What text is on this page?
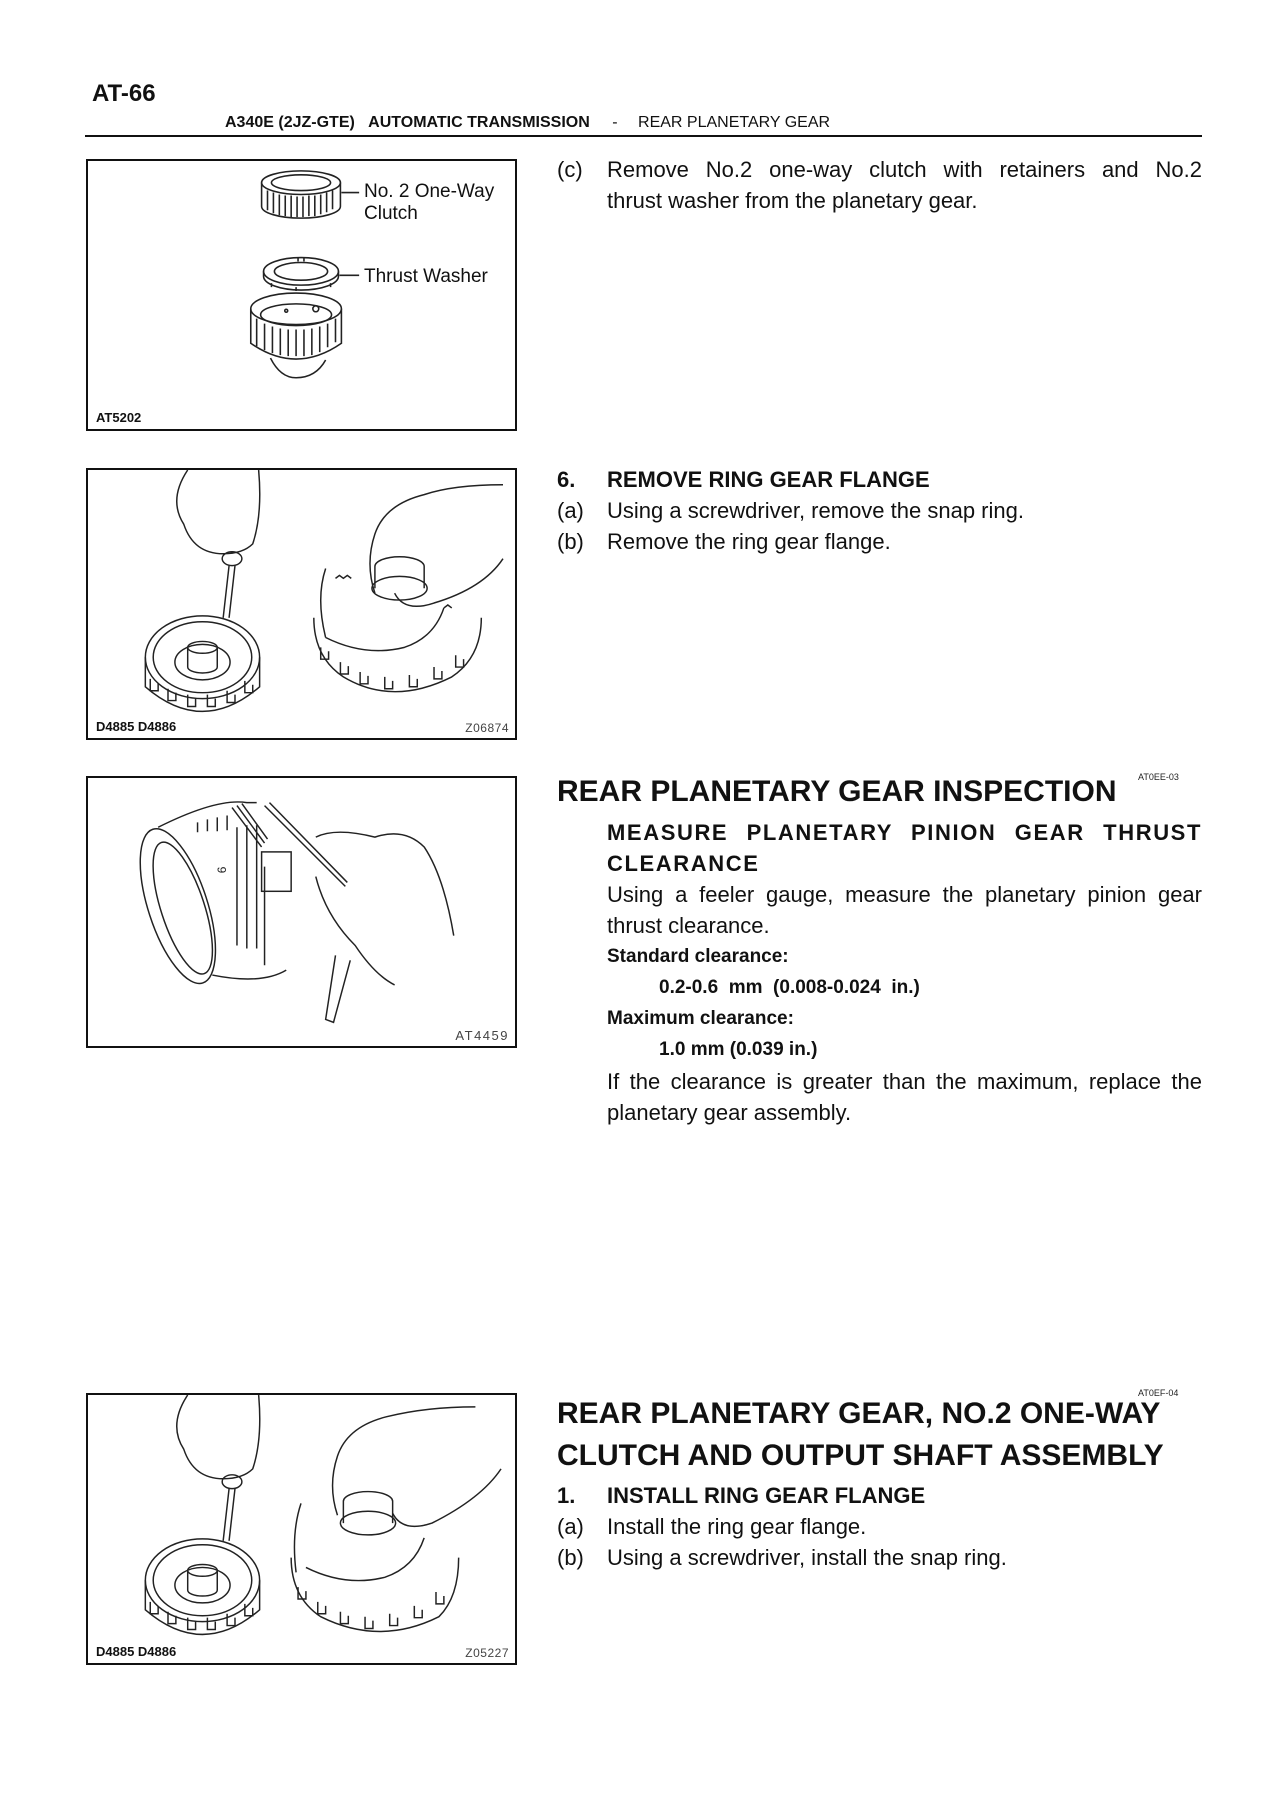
AT-66
A340E (2JZ-GTE) AUTOMATIC TRANSMISSION - REAR PLANETARY GEAR
No. 2 One-Way
Clutch
Thrust Washer
AT5202
(c) Remove No.2 one-way clutch with retainers and No.2
thrust washer from the planetary gear.
D4885 D4886	Z06874
6. REMOVE RING GEAR FLANGE
(a) Using a screwdriver, remove the snap ring.
(b) Remove the ring gear flange.
9
AT4459
REAR PLANETARY GEAR INSPECTION AT0EE-03
MEASURE PLANETARY PINION GEAR THRUST
CLEARANCE
Using a feeler gauge, measure the planetary pinion gear
thrust clearance.
Standard clearance:
0.2-0.6  mm  (0.008-0.024  in.)
Maximum clearance:
1.0 mm (0.039 in.)
If the clearance is greater than the maximum, replace the
planetary gear assembly.
D4885 D4886	Z05227
REAR PLANETARY GEAR, NO.2 ONE-WAY
AT0EF-04
CLUTCH AND OUTPUT SHAFT ASSEMBLY
1. INSTALL RING GEAR FLANGE
(a) Install the ring gear flange.
(b) Using a screwdriver, install the snap ring.
